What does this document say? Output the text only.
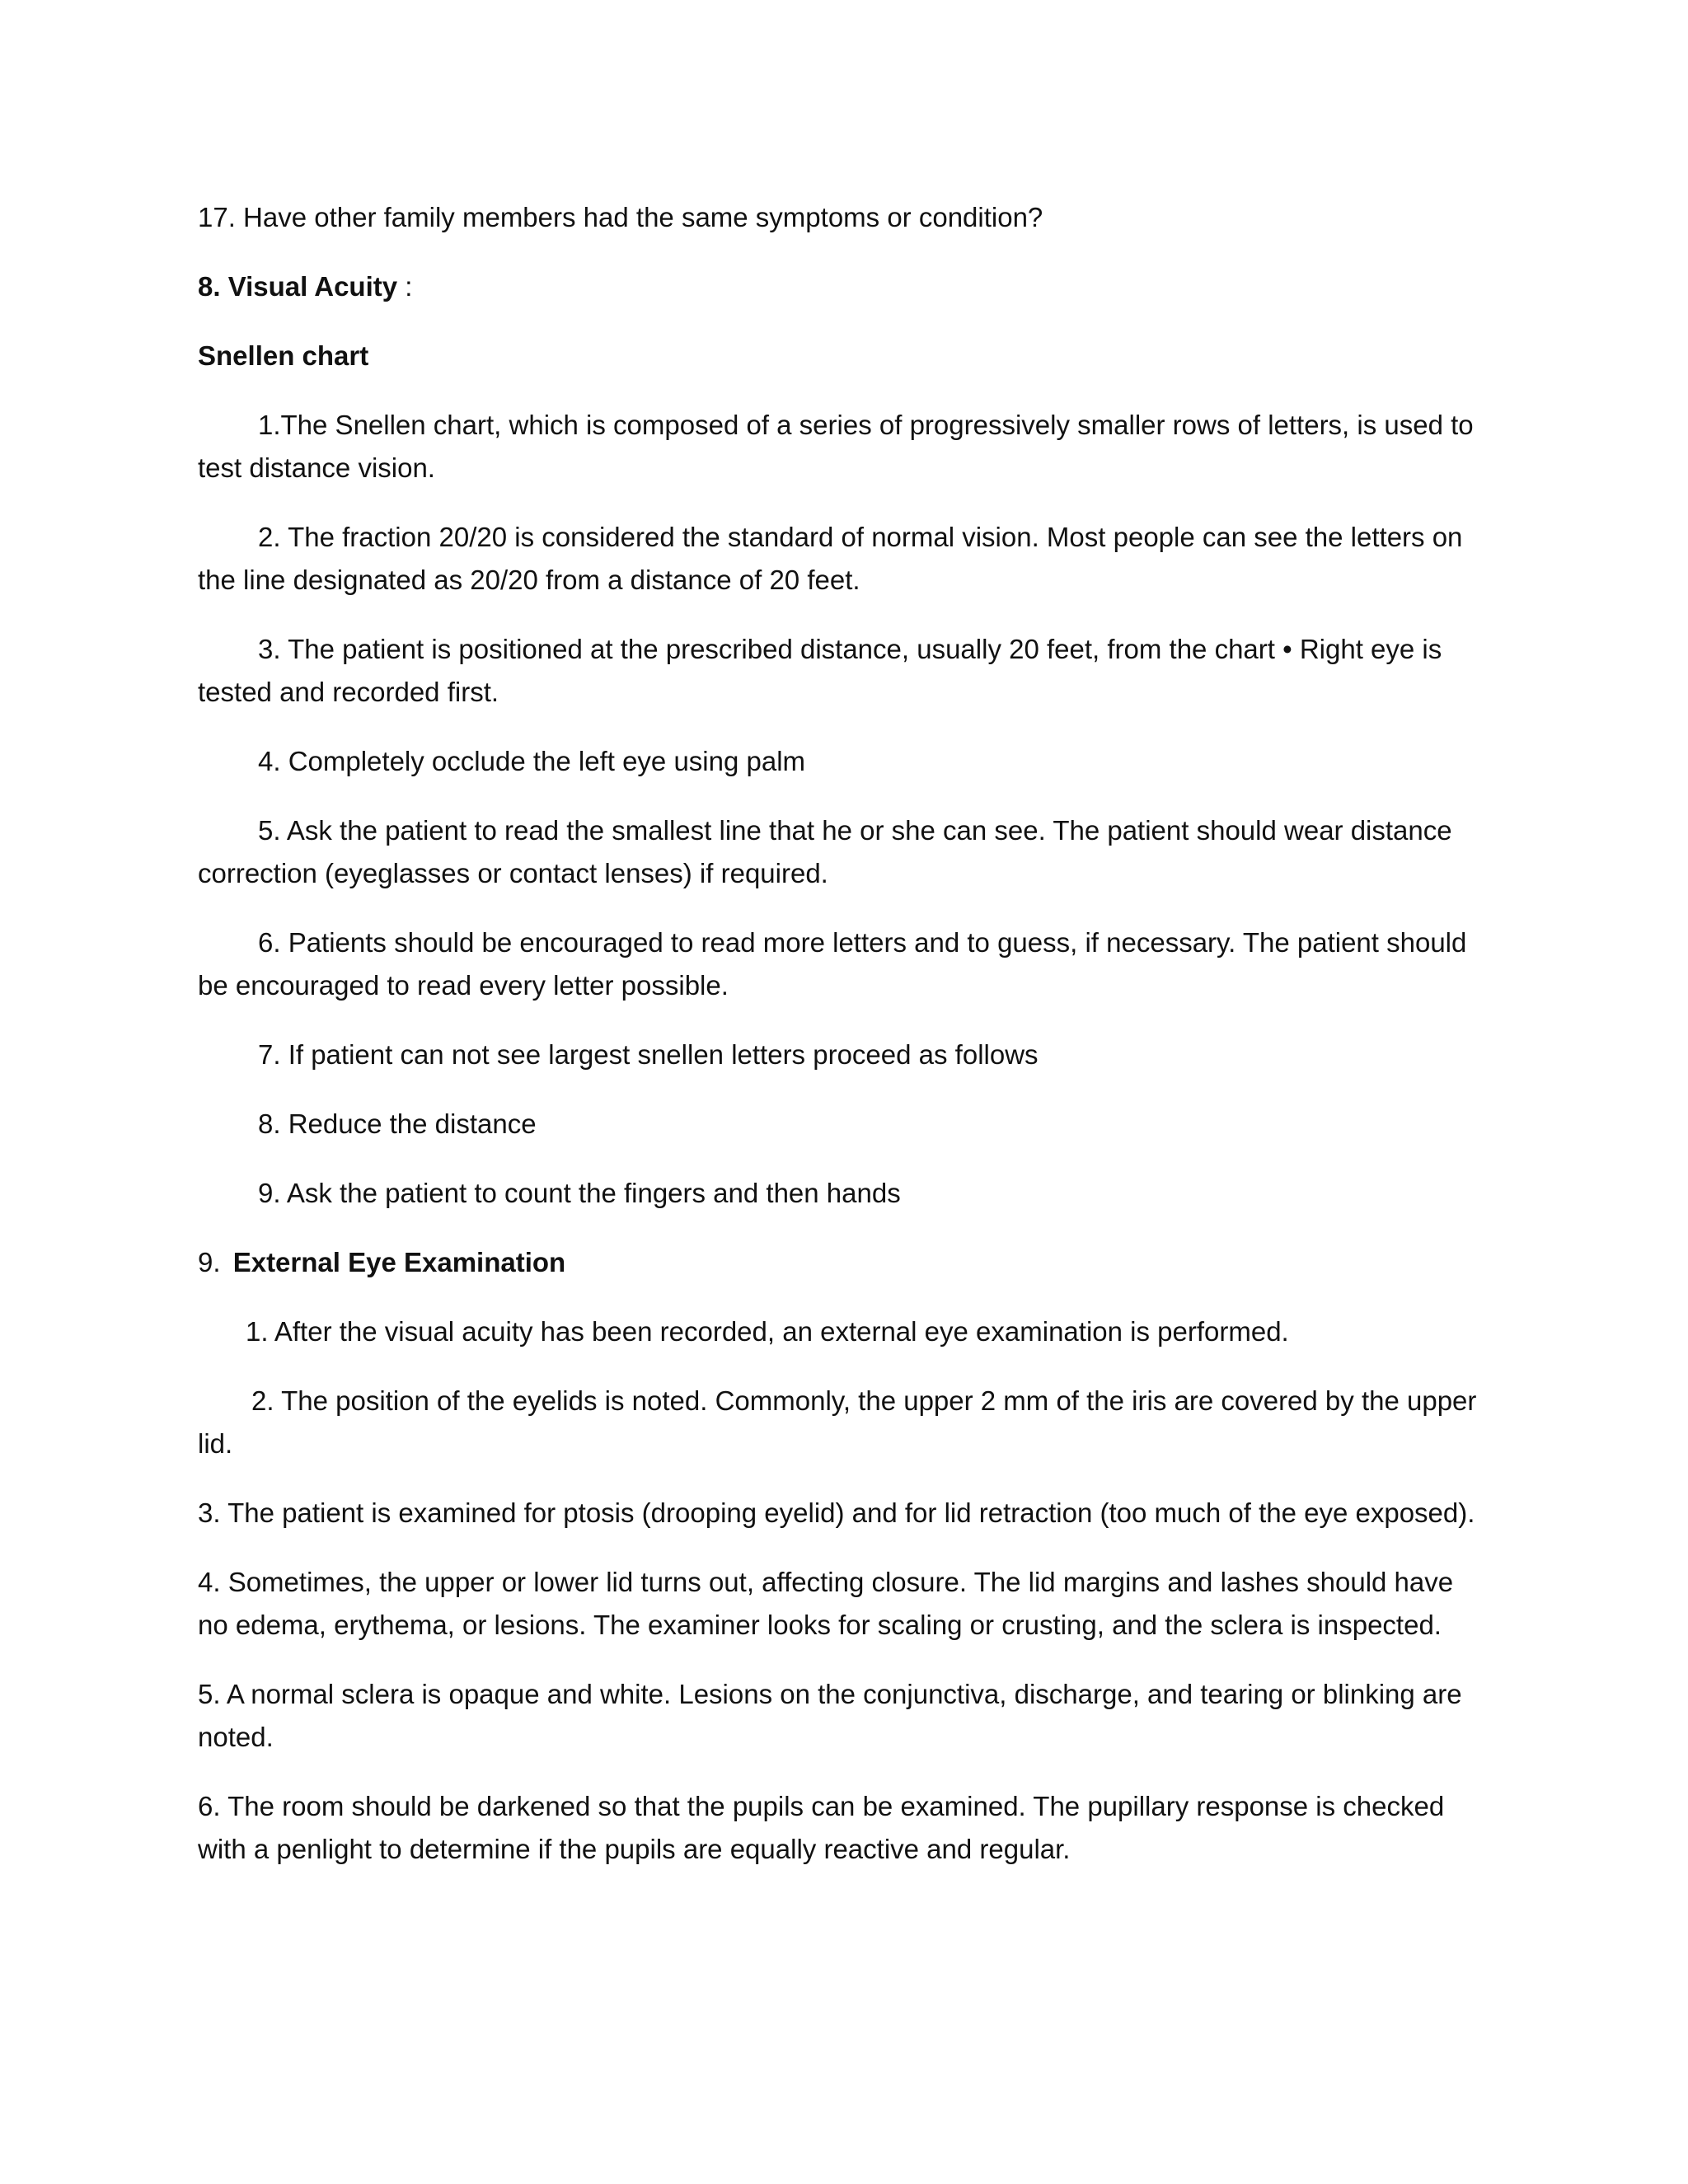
17. Have other family members had the same symptoms or condition?

8. Visual Acuity :

Snellen chart

1.The Snellen chart, which is composed of a series of progressively smaller rows of letters, is used to test distance vision.

2. The fraction 20/20 is considered the standard of normal vision. Most people can see the letters on the line designated as 20/20 from a distance of 20 feet.

3. The patient is positioned at the prescribed distance, usually 20 feet, from the chart • Right eye is tested and recorded first.

4. Completely occlude the left eye using palm

5. Ask the patient to read the smallest line that he or she can see. The patient should wear distance correction (eyeglasses or contact lenses) if required.

6. Patients should be encouraged to read more letters and to guess, if necessary. The patient should be encouraged to read every letter possible.

7. If patient can not see largest snellen letters proceed as follows

8. Reduce the distance

9. Ask the patient to count the fingers and then hands

9. External Eye Examination

1. After the visual acuity has been recorded, an external eye examination is performed.

2. The position of the eyelids is noted. Commonly, the upper 2 mm of the iris are covered by the upper lid.

3. The patient is examined for ptosis (drooping eyelid) and for lid retraction (too much of the eye exposed).

4. Sometimes, the upper or lower lid turns out, affecting closure. The lid margins and lashes should have no edema, erythema, or lesions. The examiner looks for scaling or crusting, and the sclera is inspected.

5. A normal sclera is opaque and white. Lesions on the conjunctiva, discharge, and tearing or blinking are noted.

6. The room should be darkened so that the pupils can be examined. The pupillary response is checked with a penlight to determine if the pupils are equally reactive and regular.
